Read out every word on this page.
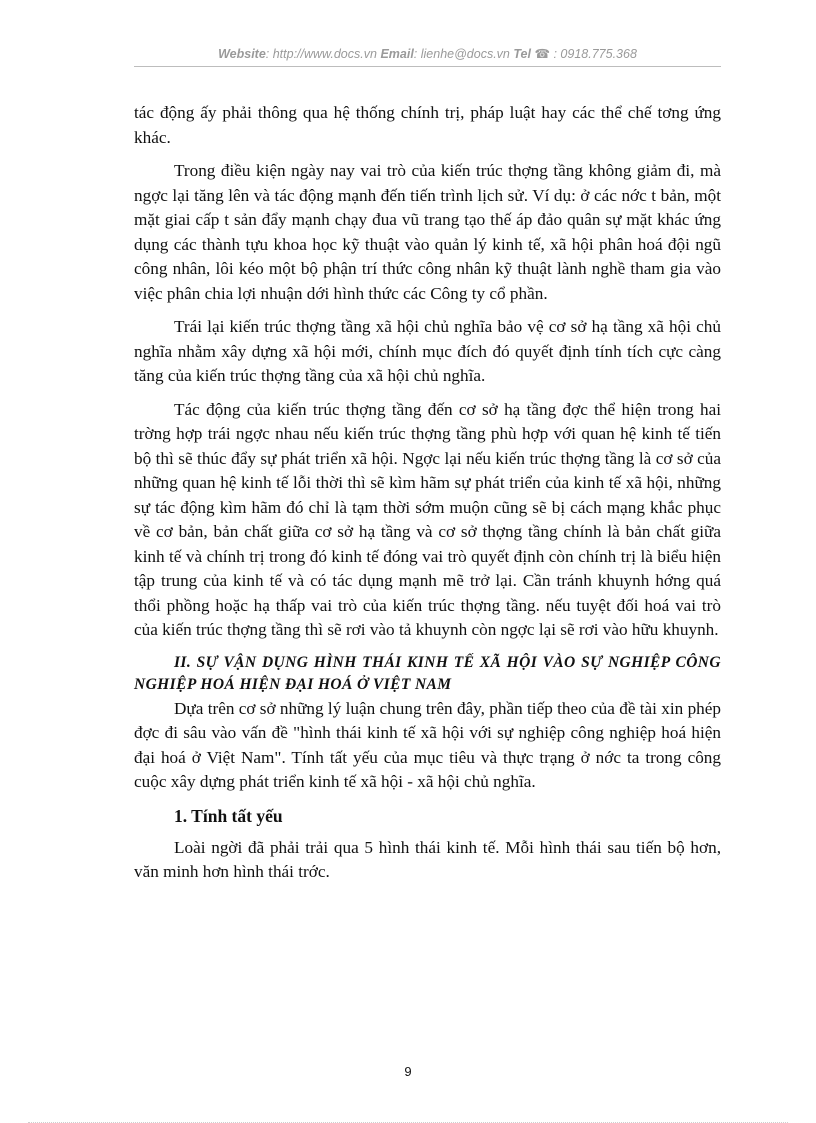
Website: http://www.docs.vn Email: lienhe@docs.vn Tel ☎ : 0918.775.368

tác động ấy phải thông qua hệ thống chính trị, pháp luật hay các thể chế tơng ứng khác.

Trong điều kiện ngày nay vai trò của kiến trúc thợng tầng không giảm đi, mà ngợc lại tăng lên và tác động mạnh đến tiến trình lịch sử. Ví dụ: ở các nớc t bản, một mặt giai cấp t sản đẩy mạnh chạy đua vũ trang tạo thế áp đảo quân sự mặt khác ứng dụng các thành tựu khoa học kỹ thuật vào quản lý kinh tế, xã hội phân hoá đội ngũ công nhân, lôi kéo một bộ phận trí thức công nhân kỹ thuật lành nghề tham gia vào việc phân chia lợi nhuận dới hình thức các Công ty cổ phần.

Trái lại kiến trúc thợng tầng xã hội chủ nghĩa bảo vệ cơ sở hạ tầng xã hội chủ nghĩa nhằm xây dựng xã hội mới, chính mục đích đó quyết định tính tích cực càng tăng của kiến trúc thợng tầng của xã hội chủ nghĩa.

Tác động của kiến trúc thợng tầng đến cơ sở hạ tầng đợc thể hiện trong hai trờng hợp trái ngợc nhau nếu kiến trúc thợng tầng phù hợp với quan hệ kinh tế tiến bộ thì sẽ thúc đẩy sự phát triển xã hội. Ngợc lại nếu kiến trúc thợng tầng là cơ sở của những quan hệ kinh tế lỗi thời thì sẽ kìm hãm sự phát triển của kinh tế xã hội, những sự tác động kìm hãm đó chỉ là tạm thời sớm muộn cũng sẽ bị cách mạng khắc phục về cơ bản, bản chất giữa cơ sở hạ tầng và cơ sở thợng tầng chính là bản chất giữa kinh tế và chính trị trong đó kinh tế đóng vai trò quyết định còn chính trị là biểu hiện tập trung của kinh tế và có tác dụng mạnh mẽ trở lại. Cần tránh khuynh hớng quá thổi phồng hoặc hạ thấp vai trò của kiến trúc thợng tầng. nếu tuyệt đối hoá vai trò của kiến trúc thợng tầng thì sẽ rơi vào tả khuynh còn ngợc lại sẽ rơi vào hữu khuynh.

II. SỰ VẬN DỤNG HÌNH THÁI KINH TẾ XÃ HỘI VÀO SỰ NGHIỆP CÔNG NGHIỆP HOÁ HIỆN ĐẠI HOÁ Ở VIỆT NAM

Dựa trên cơ sở những lý luận chung trên đây, phần tiếp theo của đề tài xin phép đợc đi sâu vào vấn đề "hình thái kinh tế xã hội với sự nghiệp công nghiệp hoá hiện đại hoá ở Việt Nam". Tính tất yếu của mục tiêu và thực trạng ở nớc ta trong công cuộc xây dựng phát triển kinh tế xã hội - xã hội chủ nghĩa.

1. Tính tất yếu

Loài ngời đã phải trải qua 5 hình thái kinh tế. Mỗi hình thái sau tiến bộ hơn, văn minh hơn hình thái trớc.

9
